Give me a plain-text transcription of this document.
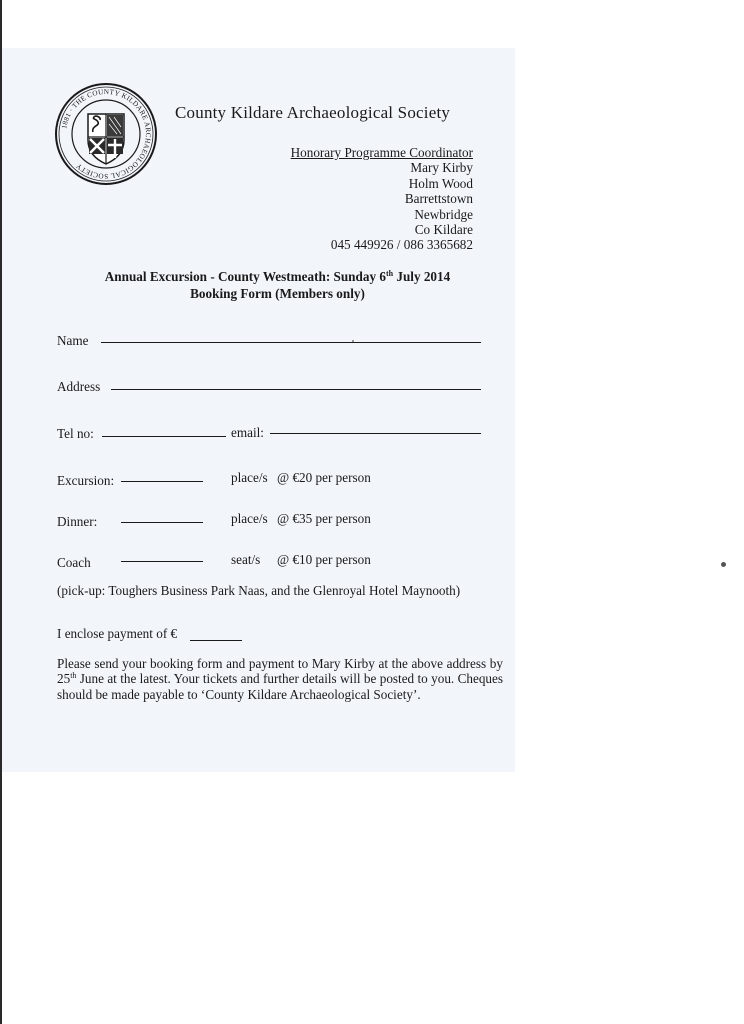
1881 · THE COUNTY KILDARE ARCHAEOLOGICAL SOCIETY
County Kildare Archaeological Society
Honorary Programme Coordinator
Mary Kirby
Holm Wood
Barrettstown
Newbridge
Co Kildare
045 449926 / 086 3365682
Annual Excursion - County Westmeath: Sunday 6th July 2014
Booking Form (Members only)
Name
Address
Tel no:	email:
Excursion:	place/s @ €20 per person
Dinner:	place/s @ €35 per person
Coach	seat/s @ €10 per person
(pick-up: Toughers Business Park Naas, and the Glenroyal Hotel Maynooth)
I enclose payment of €
Please send your booking form and payment to Mary Kirby at the above address by 25th June at the latest. Your tickets and further details will be posted to you. Cheques should be made payable to ‘County Kildare Archaeological Society’.
